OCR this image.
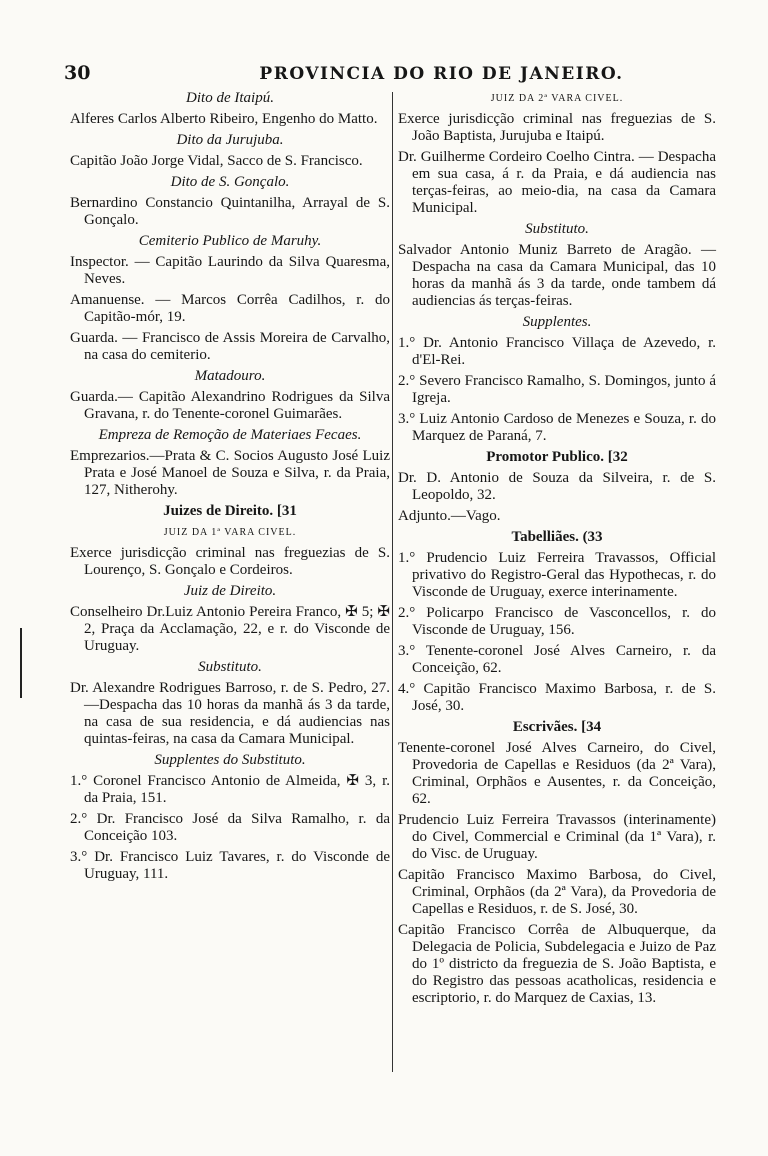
30	PROVINCIA DO RIO DE JANEIRO.

Dito de Itaipú.

Alferes Carlos Alberto Ribeiro, Engenho do Matto.

Dito da Jurujuba.

Capitão João Jorge Vidal, Sacco de S. Francisco.

Dito de S. Gonçalo.

Bernardino Constancio Quintanilha, Arrayal de S. Gonçalo.

Cemiterio Publico de Maruhy.

Inspector. — Capitão Laurindo da Silva Quaresma, Neves.

Amanuense. — Marcos Corrêa Cadilhos, r. do Capitão-mór, 19.

Guarda. — Francisco de Assis Moreira de Carvalho, na casa do cemiterio.

Matadouro.

Guarda.— Capitão Alexandrino Rodrigues da Silva Gravana, r. do Tenente-coronel Guimarães.

Empreza de Remoção de Materiaes Fecaes.

Emprezarios.—Prata & C. Socios Augusto José Luiz Prata e José Manoel de Souza e Silva, r. da Praia, 127, Nitherohy.

Juizes de Direito. [31

JUIZ DA 1ª VARA CIVEL.

Exerce jurisdicção criminal nas freguezias de S. Lourenço, S. Gonçalo e Cordeiros.

Juiz de Direito.

Conselheiro Dr.Luiz Antonio Pereira Franco, ✠ 5; ✠ 2, Praça da Acclamação, 22, e r. do Visconde de Uruguay.

Substituto.

Dr. Alexandre Rodrigues Barroso, r. de S. Pedro, 27.—Despacha das 10 horas da manhã ás 3 da tarde, na casa de sua residencia, e dá audiencias nas quintas-feiras, na casa da Camara Municipal.

Supplentes do Substituto.

1.° Coronel Francisco Antonio de Almeida, ✠ 3, r. da Praia, 151.

2.° Dr. Francisco José da Silva Ramalho, r. da Conceição 103.

3.° Dr. Francisco Luiz Tavares, r. do Visconde de Uruguay, 111.

JUIZ DA 2ª VARA CIVEL.

Exerce jurisdicção criminal nas freguezias de S. João Baptista, Jurujuba e Itaipú.

Dr. Guilherme Cordeiro Coelho Cintra. — Despacha em sua casa, á r. da Praia, e dá audiencia nas terças-feiras, ao meio-dia, na casa da Camara Municipal.

Substituto.

Salvador Antonio Muniz Barreto de Aragão. —Despacha na casa da Camara Municipal, das 10 horas da manhã ás 3 da tarde, onde tambem dá audiencias ás terças-feiras.

Supplentes.

1.° Dr. Antonio Francisco Villaça de Azevedo, r. d'El-Rei.

2.° Severo Francisco Ramalho, S. Domingos, junto á Igreja.

3.° Luiz Antonio Cardoso de Menezes e Souza, r. do Marquez de Paraná, 7.

Promotor Publico. [32

Dr. D. Antonio de Souza da Silveira, r. de S. Leopoldo, 32.

Adjunto.—Vago.

Tabelliães. (33

1.° Prudencio Luiz Ferreira Travassos, Official privativo do Registro-Geral das Hypothecas, r. do Visconde de Uruguay, exerce interinamente.

2.° Policarpo Francisco de Vasconcellos, r. do Visconde de Uruguay, 156.

3.° Tenente-coronel José Alves Carneiro, r. da Conceição, 62.

4.° Capitão Francisco Maximo Barbosa, r. de S. José, 30.

Escrivães. [34

Tenente-coronel José Alves Carneiro, do Civel, Provedoria de Capellas e Residuos (da 2ª Vara), Criminal, Orphãos e Ausentes, r. da Conceição, 62.

Prudencio Luiz Ferreira Travassos (interinamente) do Civel, Commercial e Criminal (da 1ª Vara), r. do Visc. de Uruguay.

Capitão Francisco Maximo Barbosa, do Civel, Criminal, Orphãos (da 2ª Vara), da Provedoria de Capellas e Residuos, r. de S. José, 30.

Capitão Francisco Corrêa de Albuquerque, da Delegacia de Policia, Subdelegacia e Juizo de Paz do 1º districto da freguezia de S. João Baptista, e do Registro das pessoas acatholicas, residencia e escriptorio, r. do Marquez de Caxias, 13.
